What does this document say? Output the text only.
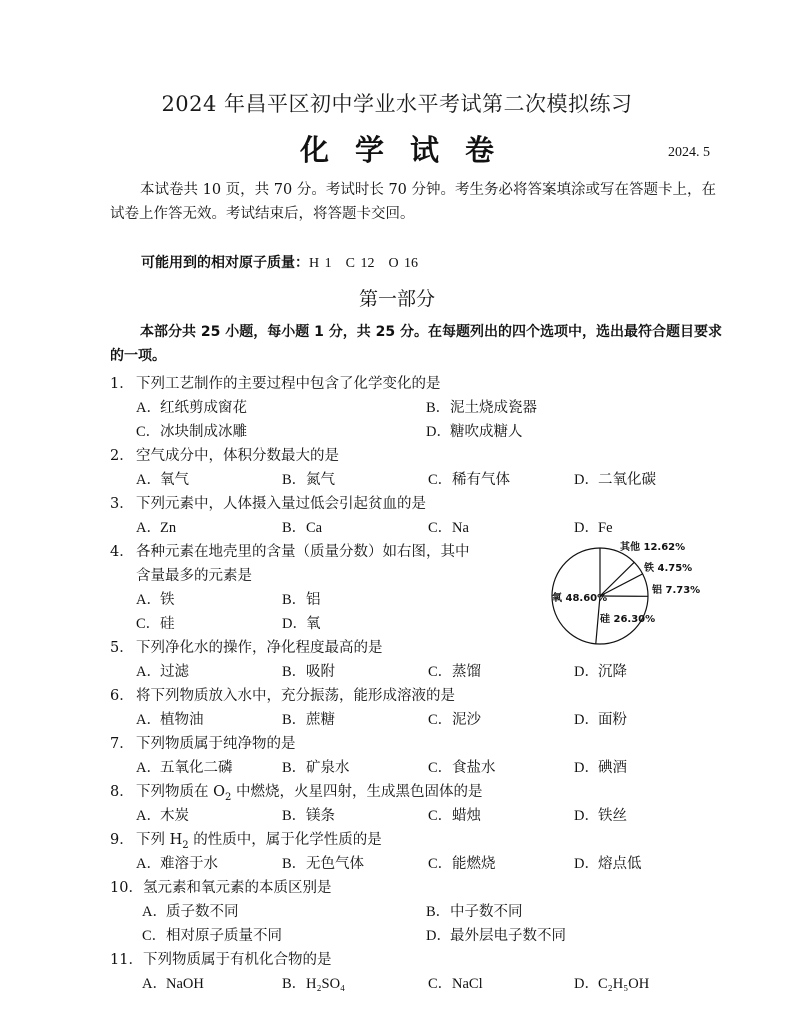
2024 年昌平区初中学业水平考试第二次模拟练习
化学试卷	2024. 5
本试卷共 10 页，共 70 分。考试时长 70 分钟。考生务必将答案填涂或写在答题卡上，在试卷上作答无效。考试结束后，将答题卡交回。
可能用到的相对原子质量：H 1　C 12　O 16
第一部分
本部分共 25 小题，每小题 1 分，共 25 分。在每题列出的四个选项中，选出最符合题目要求的一项。
1． 下列工艺制作的主要过程中包含了化学变化的是
A．红纸剪成窗花	B．泥土烧成瓷器
C．冰块制成冰雕	D．糖吹成糖人
2． 空气成分中，体积分数最大的是
A．氧气	B．氮气	C．稀有气体	D．二氧化碳
3． 下列元素中，人体摄入量过低会引起贫血的是
A．Zn	B．Ca	C．Na	D．Fe
4． 各种元素在地壳里的含量（质量分数）如右图，其中
含量最多的元素是
A．铁	B．铝
C．硅	D．氧
氧 48.60%
硅 26.30%
铝 7.73%
铁 4.75%
其他 12.62%
5． 下列净化水的操作，净化程度最高的是
A．过滤	B．吸附	C．蒸馏	D．沉降
6． 将下列物质放入水中，充分振荡，能形成溶液的是
A．植物油	B．蔗糖	C．泥沙	D．面粉
7． 下列物质属于纯净物的是
A．五氧化二磷	B．矿泉水	C．食盐水	D．碘酒
8． 下列物质在 $O_2$ 中燃烧，火星四射，生成黑色固体的是
A．木炭	B．镁条	C．蜡烛	D．铁丝
9． 下列 $H_2$ 的性质中，属于化学性质的是
A．难溶于水	B．无色气体	C．能燃烧	D．熔点低
10．氢元素和氧元素的本质区别是
A．质子数不同	B．中子数不同
C．相对原子质量不同	D．最外层电子数不同
11．下列物质属于有机化合物的是
A．NaOH	B．H₂SO₄	C．NaCl	D．C₂H₅OH
